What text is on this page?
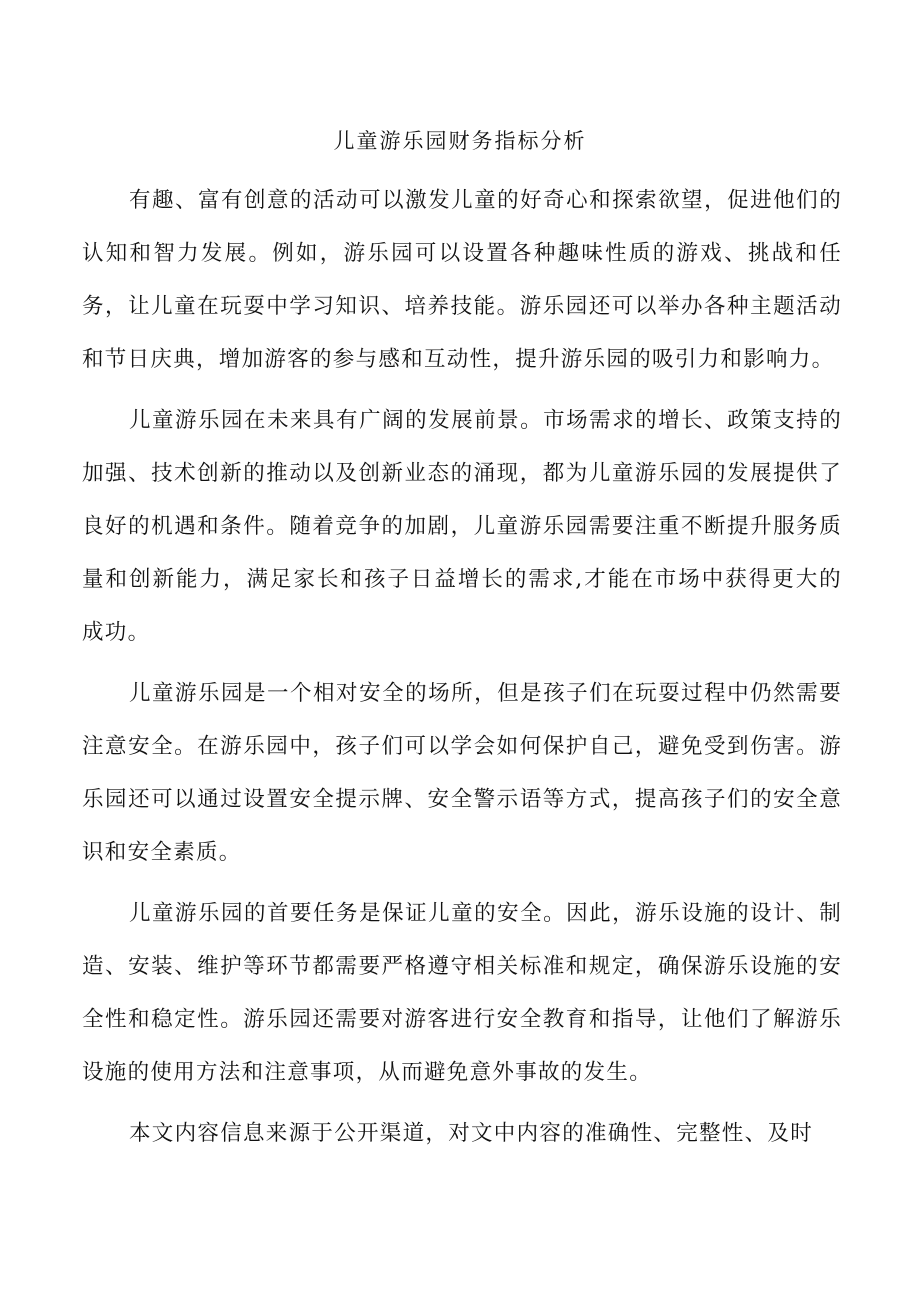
儿童游乐园财务指标分析

有趣、富有创意的活动可以激发儿童的好奇心和探索欲望，促进他们的认知和智力发展。例如，游乐园可以设置各种趣味性质的游戏、挑战和任务，让儿童在玩耍中学习知识、培养技能。游乐园还可以举办各种主题活动和节日庆典，增加游客的参与感和互动性，提升游乐园的吸引力和影响力。

儿童游乐园在未来具有广阔的发展前景。市场需求的增长、政策支持的加强、技术创新的推动以及创新业态的涌现，都为儿童游乐园的发展提供了良好的机遇和条件。随着竞争的加剧，儿童游乐园需要注重不断提升服务质量和创新能力，满足家长和孩子日益增长的需求,才能在市场中获得更大的成功。

儿童游乐园是一个相对安全的场所，但是孩子们在玩耍过程中仍然需要注意安全。在游乐园中，孩子们可以学会如何保护自己，避免受到伤害。游乐园还可以通过设置安全提示牌、安全警示语等方式，提高孩子们的安全意识和安全素质。

儿童游乐园的首要任务是保证儿童的安全。因此，游乐设施的设计、制造、安装、维护等环节都需要严格遵守相关标准和规定，确保游乐设施的安全性和稳定性。游乐园还需要对游客进行安全教育和指导，让他们了解游乐设施的使用方法和注意事项，从而避免意外事故的发生。

本文内容信息来源于公开渠道，对文中内容的准确性、完整性、及时
